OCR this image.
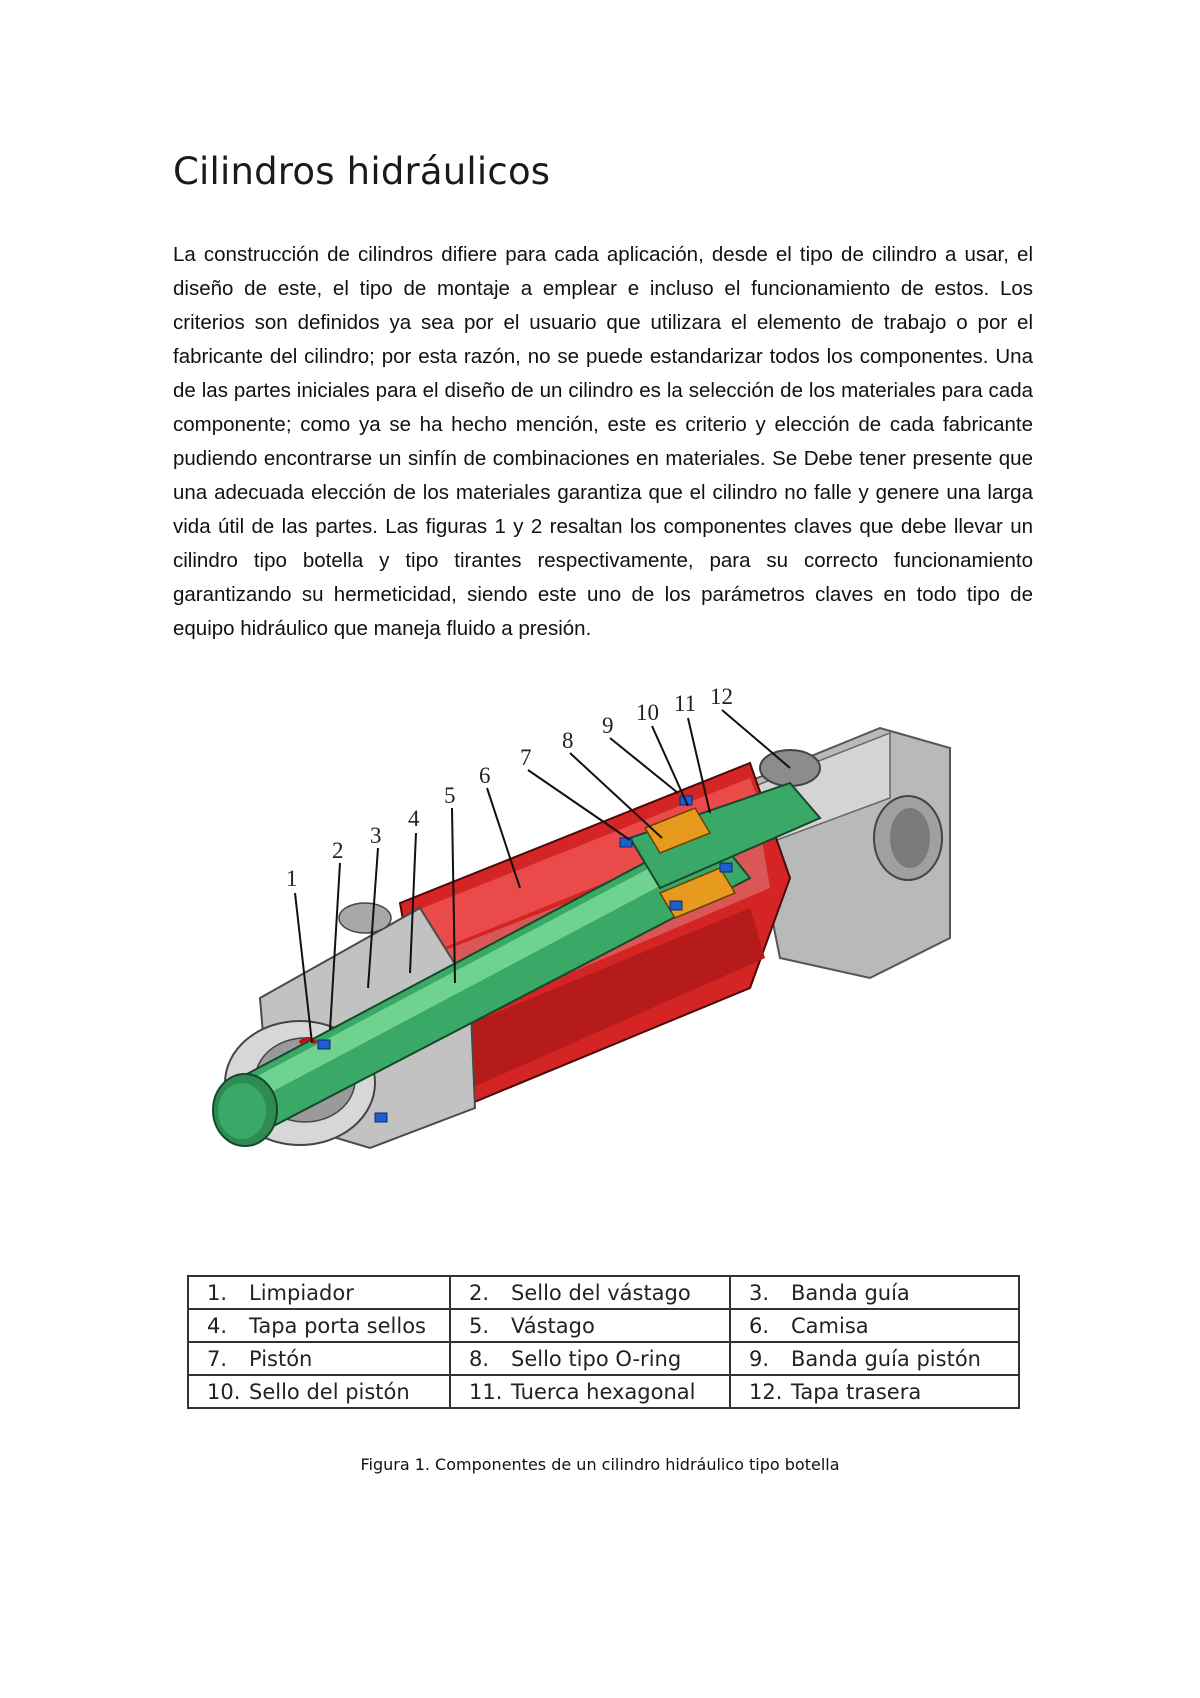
Cilindros hidráulicos

La construcción de cilindros difiere para cada aplicación, desde el tipo de cilindro a usar, el diseño de este, el tipo de montaje a emplear e incluso el funcionamiento de estos. Los criterios son definidos ya sea por el usuario que utilizara el elemento de trabajo o por el fabricante del cilindro; por esta razón, no se puede estandarizar todos los componentes. Una de las partes iniciales para el diseño de un cilindro es la selección de los materiales para cada componente; como ya se ha hecho mención, este es criterio y elección de cada fabricante pudiendo encontrarse un sinfín de combinaciones en materiales. Se Debe tener presente que una adecuada elección de los materiales garantiza que el cilindro no falle y genere una larga vida útil de las partes. Las figuras 1 y 2 resaltan los componentes claves que debe llevar un cilindro tipo botella y tipo tirantes respectivamente, para su correcto funcionamiento garantizando su hermeticidad, siendo este uno de los parámetros claves en todo tipo de equipo hidráulico que maneja fluido a presión.

1
2
3
4
5
6
7
8
9
10 11 12
1. Limpiador	2. Sello del vástago	3. Banda guía
4. Tapa porta sellos	5. Vástago	6. Camisa
7. Pistón	8. Sello tipo O-ring	9. Banda guía pistón
10. Sello del pistón	11. Tuerca hexagonal	12. Tapa trasera

Figura 1. Componentes de un cilindro hidráulico tipo botella
